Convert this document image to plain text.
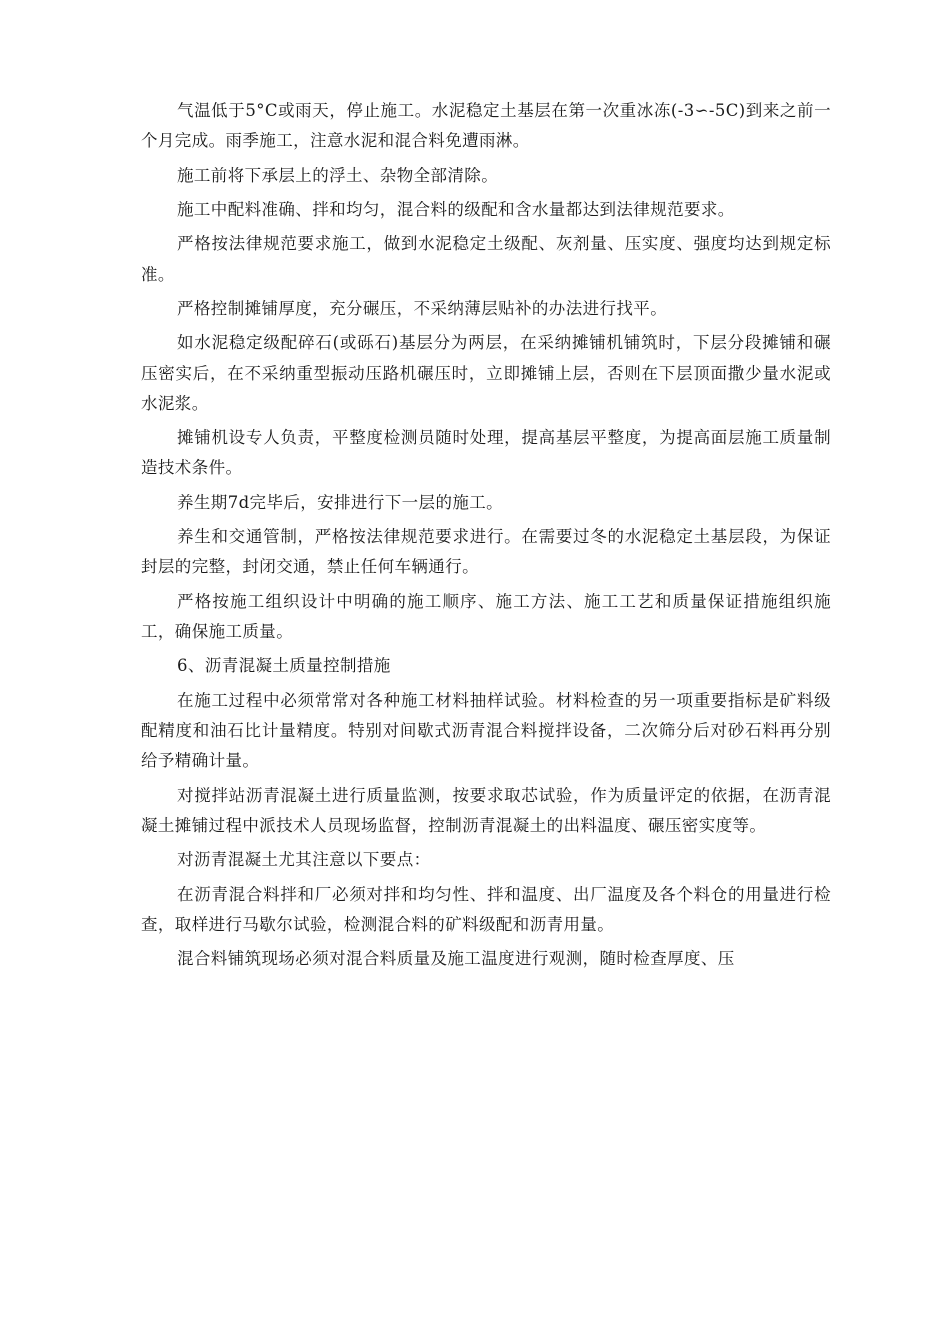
气温低于5°C或雨天，停止施工。水泥稳定土基层在第一次重冰冻(-3∽-5C)到来之前一个月完成。雨季施工，注意水泥和混合料免遭雨淋。

施工前将下承层上的浮土、杂物全部清除。

施工中配料准确、拌和均匀，混合料的级配和含水量都达到法律规范要求。

严格按法律规范要求施工，做到水泥稳定土级配、灰剂量、压实度、强度均达到规定标准。

严格控制摊铺厚度，充分碾压，不采纳薄层贴补的办法进行找平。

如水泥稳定级配碎石(或砾石)基层分为两层，在采纳摊铺机铺筑时，下层分段摊铺和碾压密实后，在不采纳重型振动压路机碾压时，立即摊铺上层，否则在下层顶面撒少量水泥或水泥浆。

摊铺机设专人负责，平整度检测员随时处理，提高基层平整度，为提高面层施工质量制造技术条件。

养生期7d完毕后，安排进行下一层的施工。

养生和交通管制，严格按法律规范要求进行。在需要过冬的水泥稳定土基层段，为保证封层的完整，封闭交通，禁止任何车辆通行。

严格按施工组织设计中明确的施工顺序、施工方法、施工工艺和质量保证措施组织施工，确保施工质量。

6、沥青混凝土质量控制措施

在施工过程中必须常常对各种施工材料抽样试验。材料检查的另一项重要指标是矿料级配精度和油石比计量精度。特别对间歇式沥青混合料搅拌设备，二次筛分后对砂石料再分别给予精确计量。

对搅拌站沥青混凝土进行质量监测，按要求取芯试验，作为质量评定的依据，在沥青混凝土摊铺过程中派技术人员现场监督，控制沥青混凝土的出料温度、碾压密实度等。

对沥青混凝土尤其注意以下要点：

在沥青混合料拌和厂必须对拌和均匀性、拌和温度、出厂温度及各个料仓的用量进行检查，取样进行马歇尔试验，检测混合料的矿料级配和沥青用量。

混合料铺筑现场必须对混合料质量及施工温度进行观测，随时检查厚度、压
